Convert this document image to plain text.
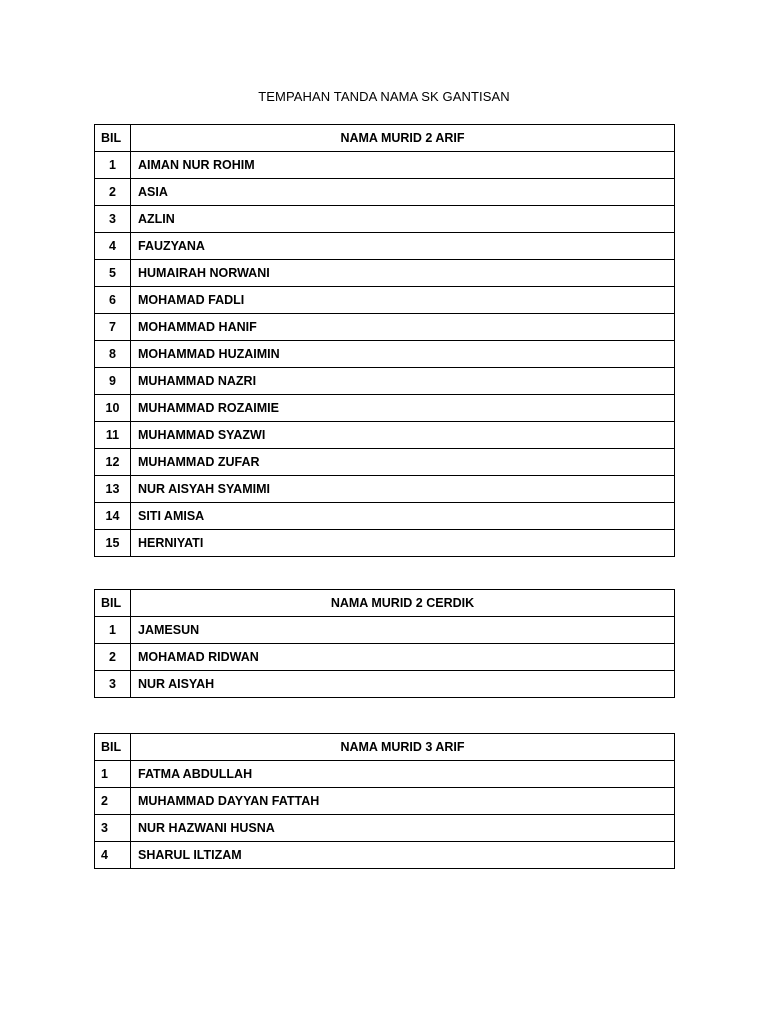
TEMPAHAN TANDA NAMA SK GANTISAN
BIL	NAMA MURID 2 ARIF
1	AIMAN NUR ROHIM
2	ASIA
3	AZLIN
4	FAUZYANA
5	HUMAIRAH NORWANI
6	MOHAMAD FADLI
7	MOHAMMAD HANIF
8	MOHAMMAD HUZAIMIN
9	MUHAMMAD NAZRI
10	MUHAMMAD ROZAIMIE
11	MUHAMMAD SYAZWI
12	MUHAMMAD ZUFAR
13	NUR AISYAH SYAMIMI
14	SITI AMISA
15	HERNIYATI
BIL	NAMA MURID 2 CERDIK
1	JAMESUN
2	MOHAMAD RIDWAN
3	NUR AISYAH
BIL	NAMA MURID 3 ARIF
1	FATMA ABDULLAH
2	MUHAMMAD DAYYAN FATTAH
3	NUR HAZWANI HUSNA
4	SHARUL ILTIZAM
